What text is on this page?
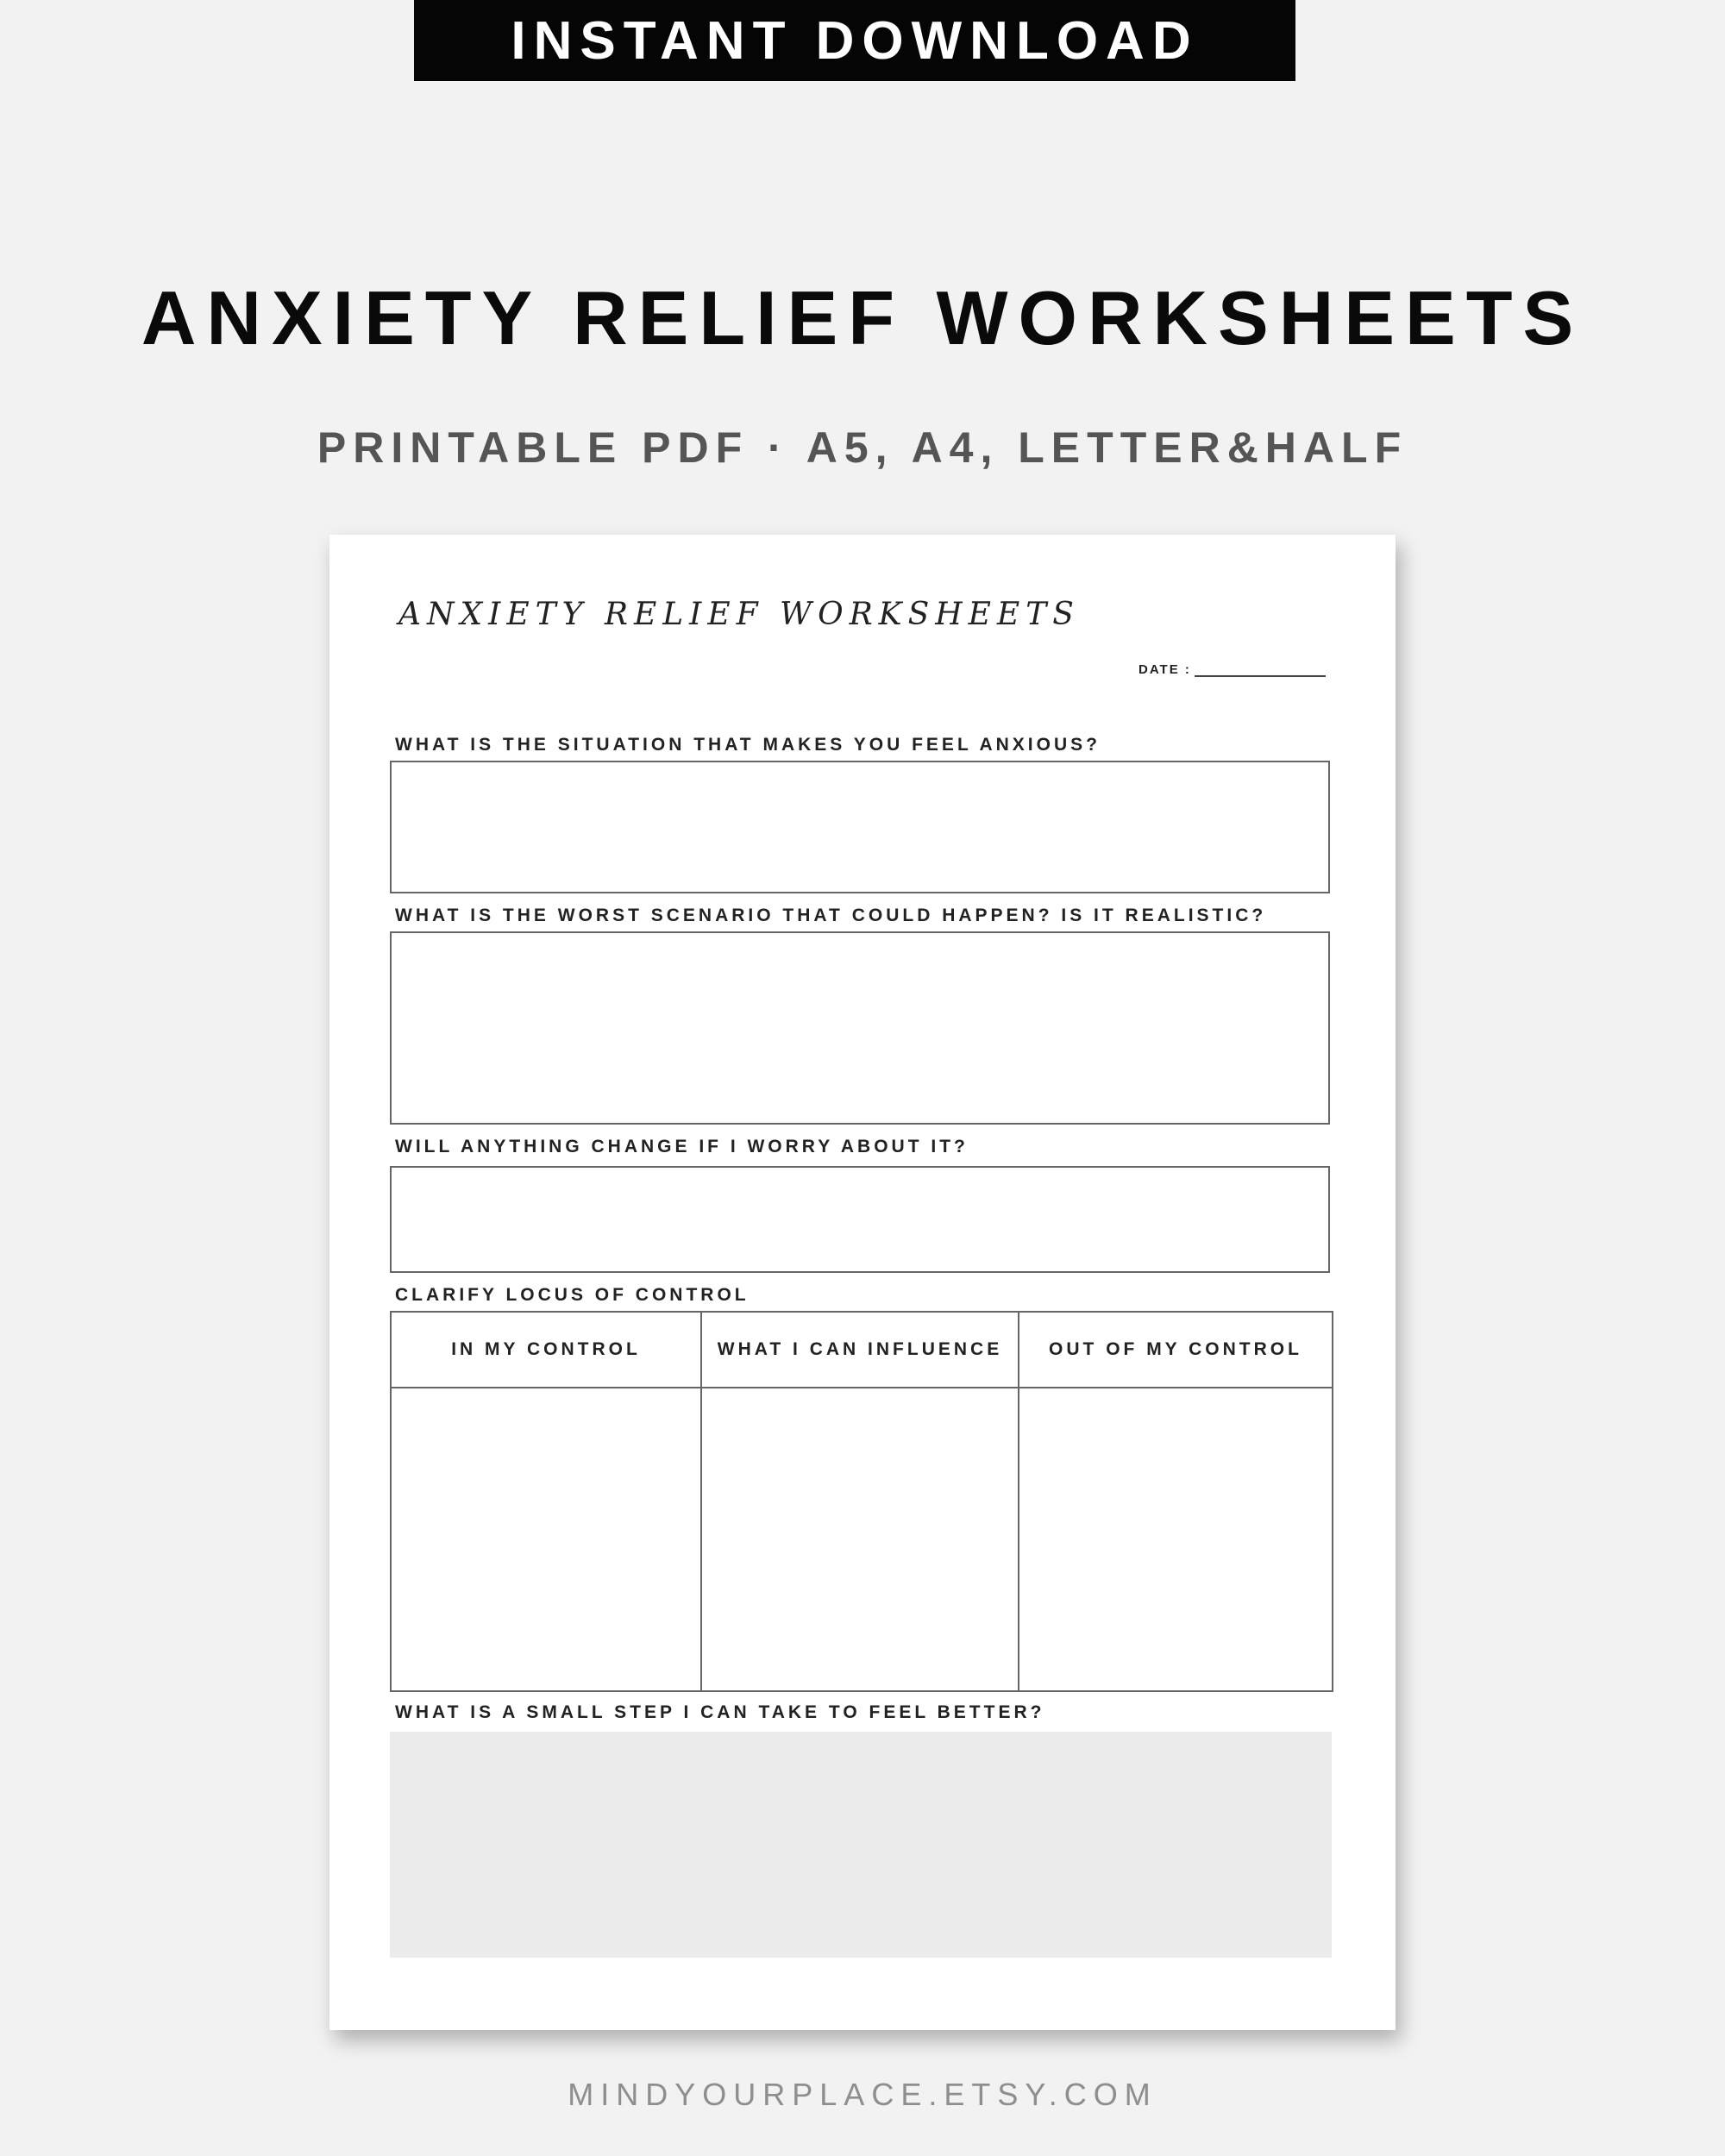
INSTANT DOWNLOAD
ANXIETY RELIEF WORKSHEETS
PRINTABLE PDF · A5, A4, LETTER&HALF
ANXIETY RELIEF WORKSHEETS
DATE :
WHAT IS THE SITUATION THAT MAKES YOU FEEL ANXIOUS?
WHAT IS THE WORST SCENARIO THAT COULD HAPPEN? IS IT REALISTIC?
WILL ANYTHING CHANGE IF I WORRY ABOUT IT?
CLARIFY LOCUS OF CONTROL
IN MY CONTROL	WHAT I CAN INFLUENCE	OUT OF MY CONTROL
WHAT IS A SMALL STEP I CAN TAKE TO FEEL BETTER?
MINDYOURPLACE.ETSY.COM
